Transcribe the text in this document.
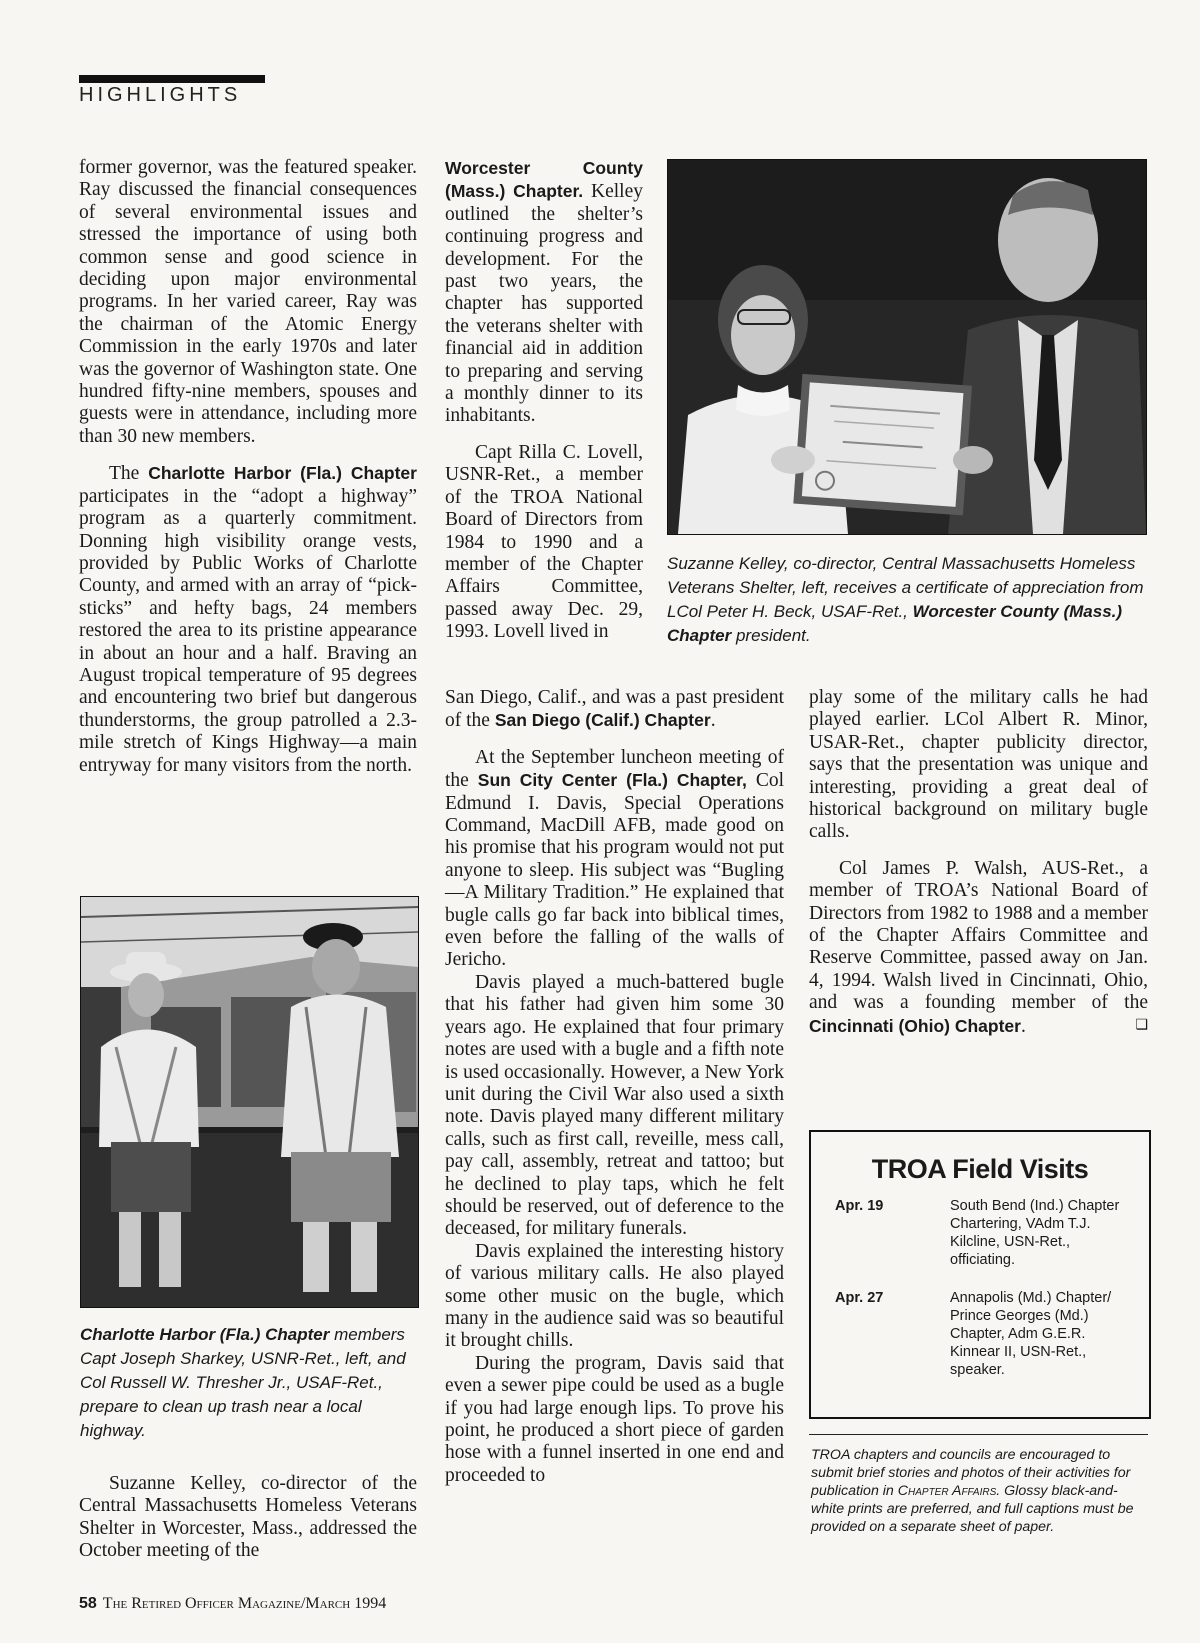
HIGHLIGHTS

former governor, was the featured speaker. Ray discussed the financial consequences of several environmental issues and stressed the importance of using both common sense and good science in deciding upon major environmental programs. In her varied career, Ray was the chairman of the Atomic Energy Commission in the early 1970s and later was the governor of Washington state. One hundred fifty-nine members, spouses and guests were in attendance, including more than 30 new members.

The Charlotte Harbor (Fla.) Chapter participates in the “adopt a highway” program as a quarterly commitment. Donning high visibility orange vests, provided by Public Works of Charlotte County, and armed with an array of “pick-sticks” and hefty bags, 24 members restored the area to its pristine appearance in about an hour and a half. Braving an August tropical temperature of 95 degrees and encountering two brief but dangerous thunderstorms, the group patrolled a 2.3-mile stretch of Kings Highway—a main entryway for many visitors from the north.

Charlotte Harbor (Fla.) Chapter members Capt Joseph Sharkey, USNR-Ret., left, and Col Russell W. Thresher Jr., USAF-Ret., prepare to clean up trash near a local highway.

Suzanne Kelley, co-director of the Central Massachusetts Homeless Veterans Shelter in Worcester, Mass., addressed the October meeting of the

Worcester County (Mass.) Chapter. Kelley outlined the shelter’s continuing progress and development. For the past two years, the chapter has supported the veterans shelter with financial aid in addition to preparing and serving a monthly dinner to its inhabitants.

Capt Rilla C. Lovell, USNR-Ret., a member of the TROA National Board of Directors from 1984 to 1990 and a member of the Chapter Affairs Committee, passed away Dec. 29, 1993. Lovell lived in

Suzanne Kelley, co-director, Central Massachusetts Homeless Veterans Shelter, left, receives a certificate of appreciation from LCol Peter H. Beck, USAF-Ret., Worcester County (Mass.) Chapter president.

San Diego, Calif., and was a past president of the San Diego (Calif.) Chapter.

At the September luncheon meeting of the Sun City Center (Fla.) Chapter, Col Edmund I. Davis, Special Operations Command, MacDill AFB, made good on his promise that his program would not put anyone to sleep. His subject was “Bugling—A Military Tradition.” He explained that bugle calls go far back into biblical times, even before the falling of the walls of Jericho.

Davis played a much-battered bugle that his father had given him some 30 years ago. He explained that four primary notes are used with a bugle and a fifth note is used occasionally. However, a New York unit during the Civil War also used a sixth note. Davis played many different military calls, such as first call, reveille, mess call, pay call, assembly, retreat and tattoo; but he declined to play taps, which he felt should be reserved, out of deference to the deceased, for military funerals.

Davis explained the interesting history of various military calls. He also played some other music on the bugle, which many in the audience said was so beautiful it brought chills.

During the program, Davis said that even a sewer pipe could be used as a bugle if you had large enough lips. To prove his point, he produced a short piece of garden hose with a funnel inserted in one end and proceeded to

play some of the military calls he had played earlier. LCol Albert R. Minor, USAR-Ret., chapter publicity director, says that the presentation was unique and interesting, providing a great deal of historical background on military bugle calls.

Col James P. Walsh, AUS-Ret., a member of TROA’s National Board of Directors from 1982 to 1988 and a member of the Chapter Affairs Committee and Reserve Committee, passed away on Jan. 4, 1994. Walsh lived in Cincinnati, Ohio, and was a founding member of the Cincinnati (Ohio) Chapter.	❑

TROA Field Visits
Apr. 19	South Bend (Ind.) Chapter Chartering, VAdm T.J. Kilcline, USN-Ret., officiating.
Apr. 27	Annapolis (Md.) Chapter/ Prince Georges (Md.) Chapter, Adm G.E.R. Kinnear II, USN-Ret., speaker.

TROA chapters and councils are encouraged to submit brief stories and photos of their activities for publication in Chapter Affairs. Glossy black-and-white prints are preferred, and full captions must be provided on a separate sheet of paper.

58 The Retired Officer Magazine/March 1994
